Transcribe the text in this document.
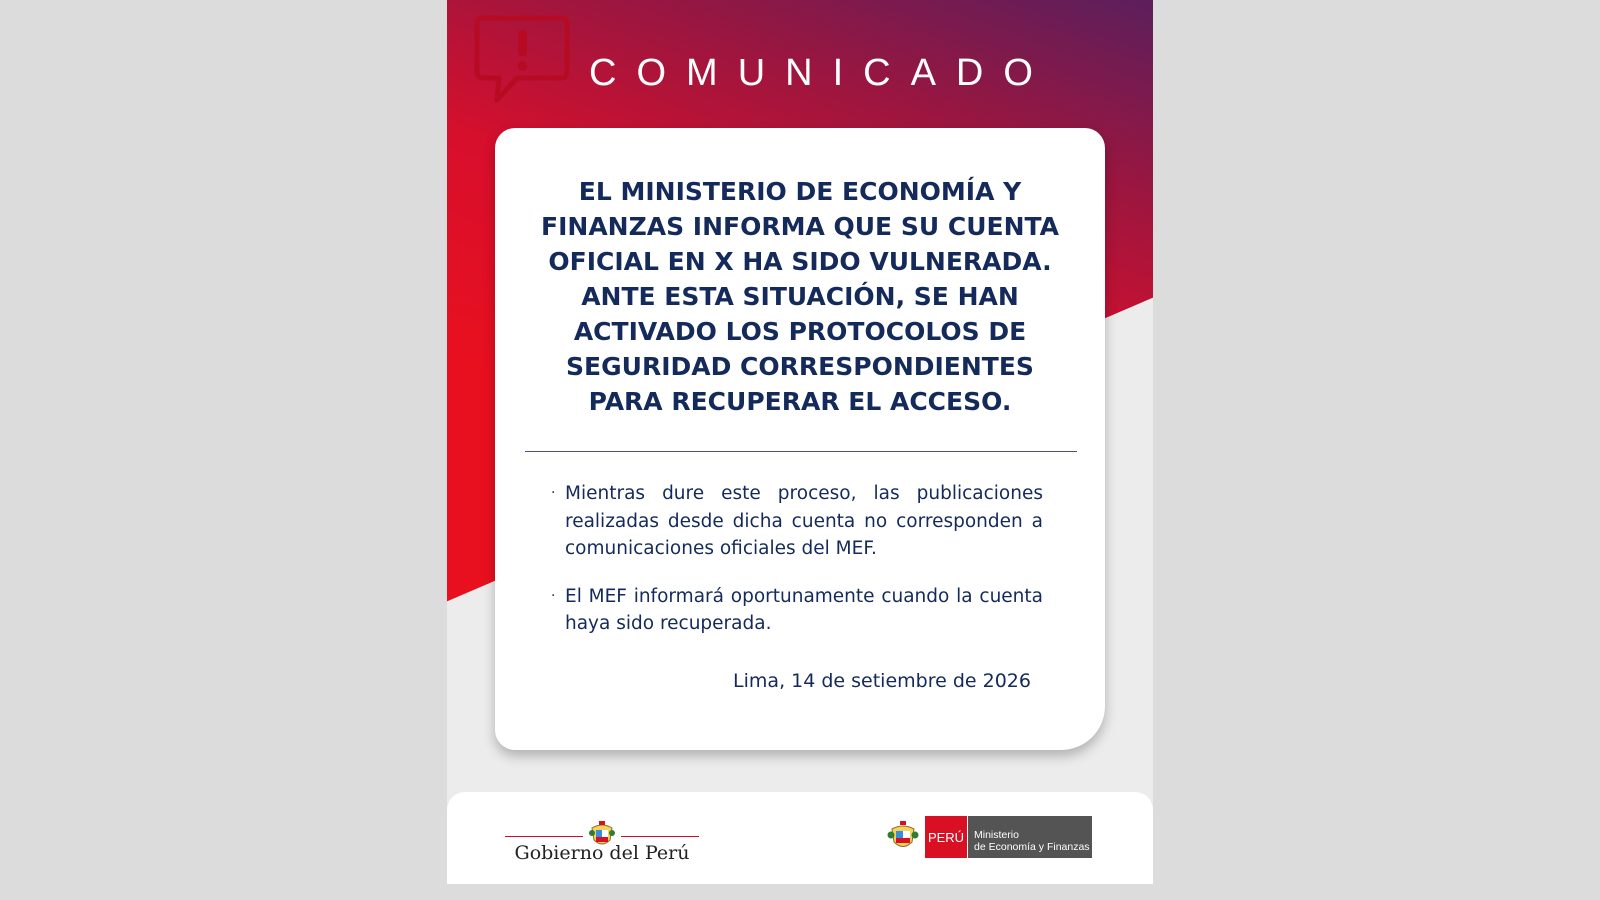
COMUNICADO

EL MINISTERIO DE ECONOMÍA Y FINANZAS INFORMA QUE SU CUENTA OFICIAL EN X HA SIDO VULNERADA. ANTE ESTA SITUACIÓN, SE HAN ACTIVADO LOS PROTOCOLOS DE SEGURIDAD CORRESPONDIENTES PARA RECUPERAR EL ACCESO.

· Mientras dure este proceso, las publicaciones realizadas desde dicha cuenta no corresponden a comunicaciones oficiales del MEF.
· El MEF informará oportunamente cuando la cuenta haya sido recuperada.
Lima, 14 de setiembre de 2026
Gobierno del Perú
PERÚ Ministerio
de Economía y Finanzas
